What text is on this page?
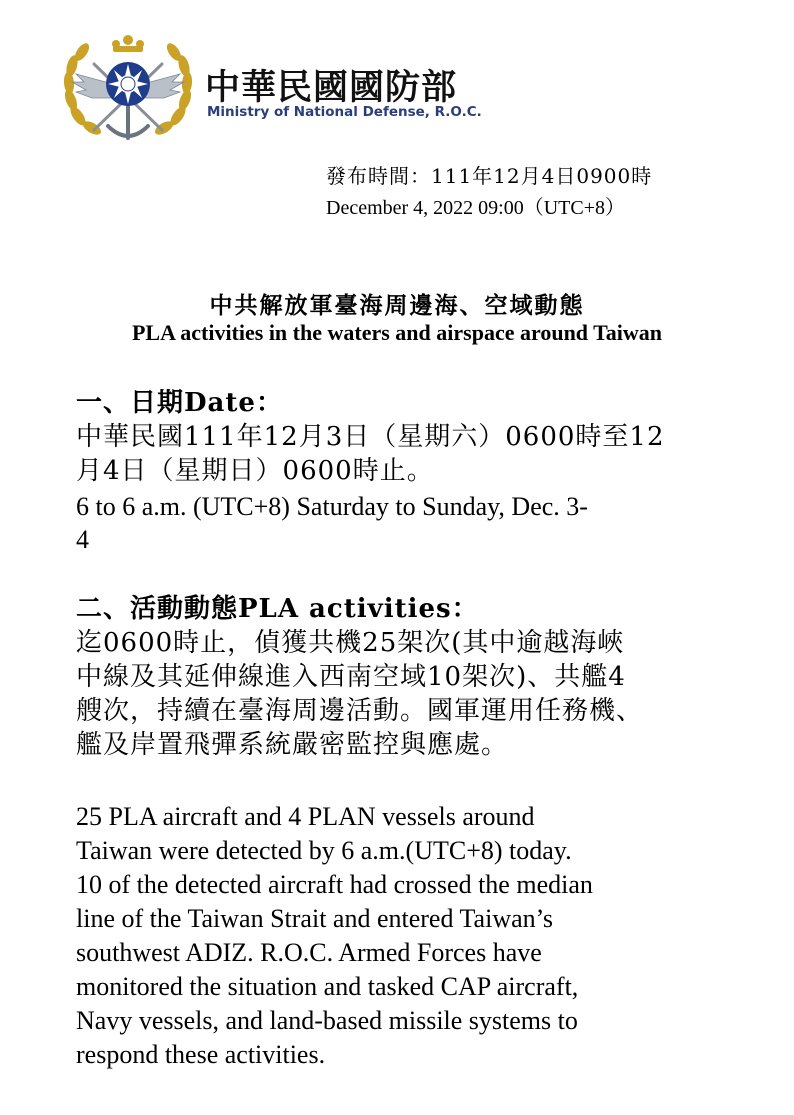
中華民國國防部
Ministry of National Defense, R.O.C.
發布時間：111年12月4日0900時
December 4, 2022 09:00（UTC+8）
中共解放軍臺海周邊海、空域動態
PLA activities in the waters and airspace around Taiwan
一、日期Date：
中華民國111年12月3日（星期六）0600時至12
月4日（星期日）0600時止。
6 to 6 a.m. (UTC+8) Saturday to Sunday, Dec. 3-
4
二、活動動態PLA activities：
迄0600時止，偵獲共機25架次(其中逾越海峽
中線及其延伸線進入西南空域10架次)、共艦4
艘次，持續在臺海周邊活動。國軍運用任務機、
艦及岸置飛彈系統嚴密監控與應處。
25 PLA aircraft and 4 PLAN vessels around
Taiwan were detected by 6 a.m.(UTC+8) today.
10 of the detected aircraft had crossed the median
line of the Taiwan Strait and entered Taiwan’s
southwest ADIZ. R.O.C. Armed Forces have
monitored the situation and tasked CAP aircraft,
Navy vessels, and land-based missile systems to
respond these activities.
